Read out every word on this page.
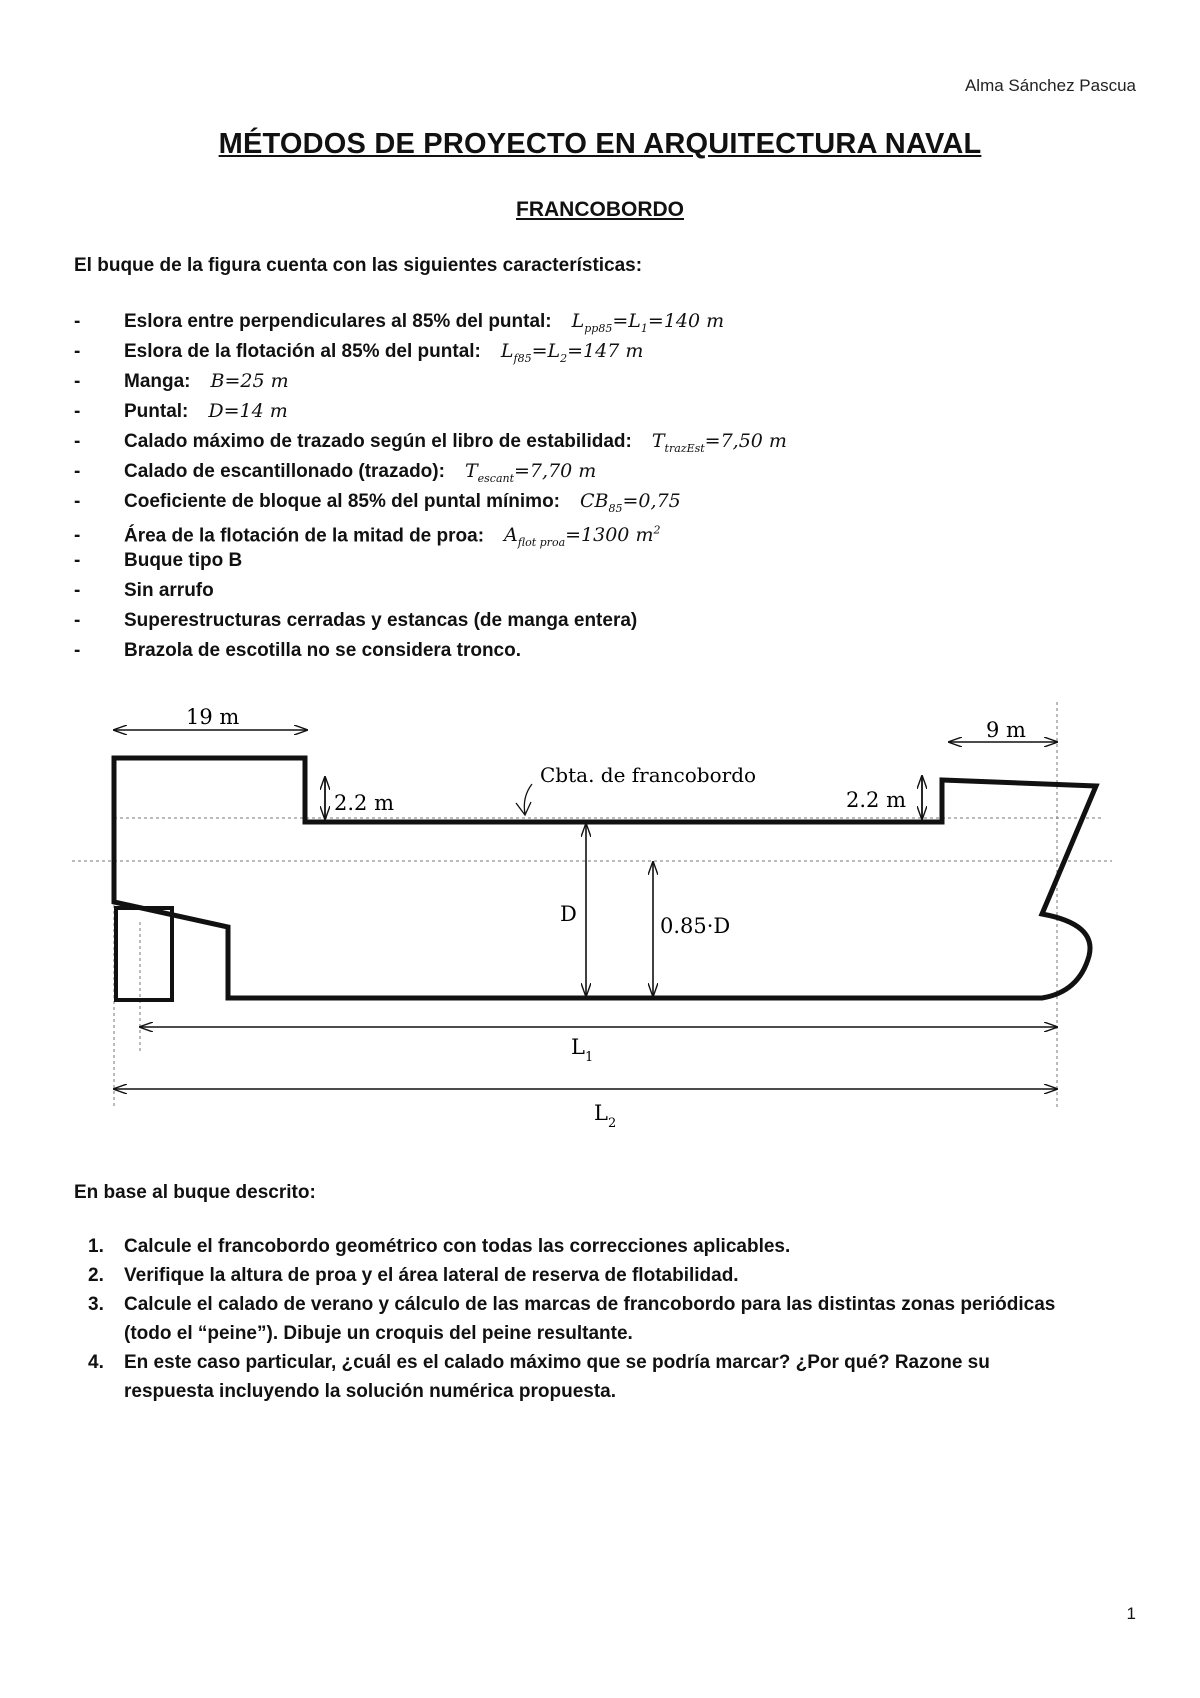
Alma Sánchez Pascua
MÉTODOS DE PROYECTO EN ARQUITECTURA NAVAL
FRANCOBORDO
El buque de la figura cuenta con las siguientes características:
- Eslora entre perpendiculares al 85% del puntal: $L_{pp85}=L_1=140$ m
- Eslora de la flotación al 85% del puntal: $L_{f85}=L_2=147$ m
- Manga: B=25 m
- Puntal: D=14 m
- Calado máximo de trazado según el libro de estabilidad: $T_{trazEst}=7,50$ m
- Calado de escantillonado (trazado): $T_{escant}=7,70$ m
- Coeficiente de bloque al 85% del puntal mínimo: $CB_{85}=0,75$
- Área de la flotación de la mitad de proa: $A_{flot proa}=1300$ $m^2$
- Buque tipo B
- Sin arrufo
- Superestructuras cerradas y estancas (de manga entera)
- Brazola de escotilla no se considera tronco.
19 m
9 m
2.2 m	2.2 m
Cbta. de francobordo
D	0.85·D
$L_1$
$L_2$
En base al buque descrito:
1.	Calcule el francobordo geométrico con todas las correcciones aplicables.
2.	Verifique la altura de proa y el área lateral de reserva de flotabilidad.
3.	Calcule el calado de verano y cálculo de las marcas de francobordo para las distintas zonas periódicas (todo el “peine”). Dibuje un croquis del peine resultante.
4.	En este caso particular, ¿cuál es el calado máximo que se podría marcar? ¿Por qué? Razone su respuesta incluyendo la solución numérica propuesta.
1
